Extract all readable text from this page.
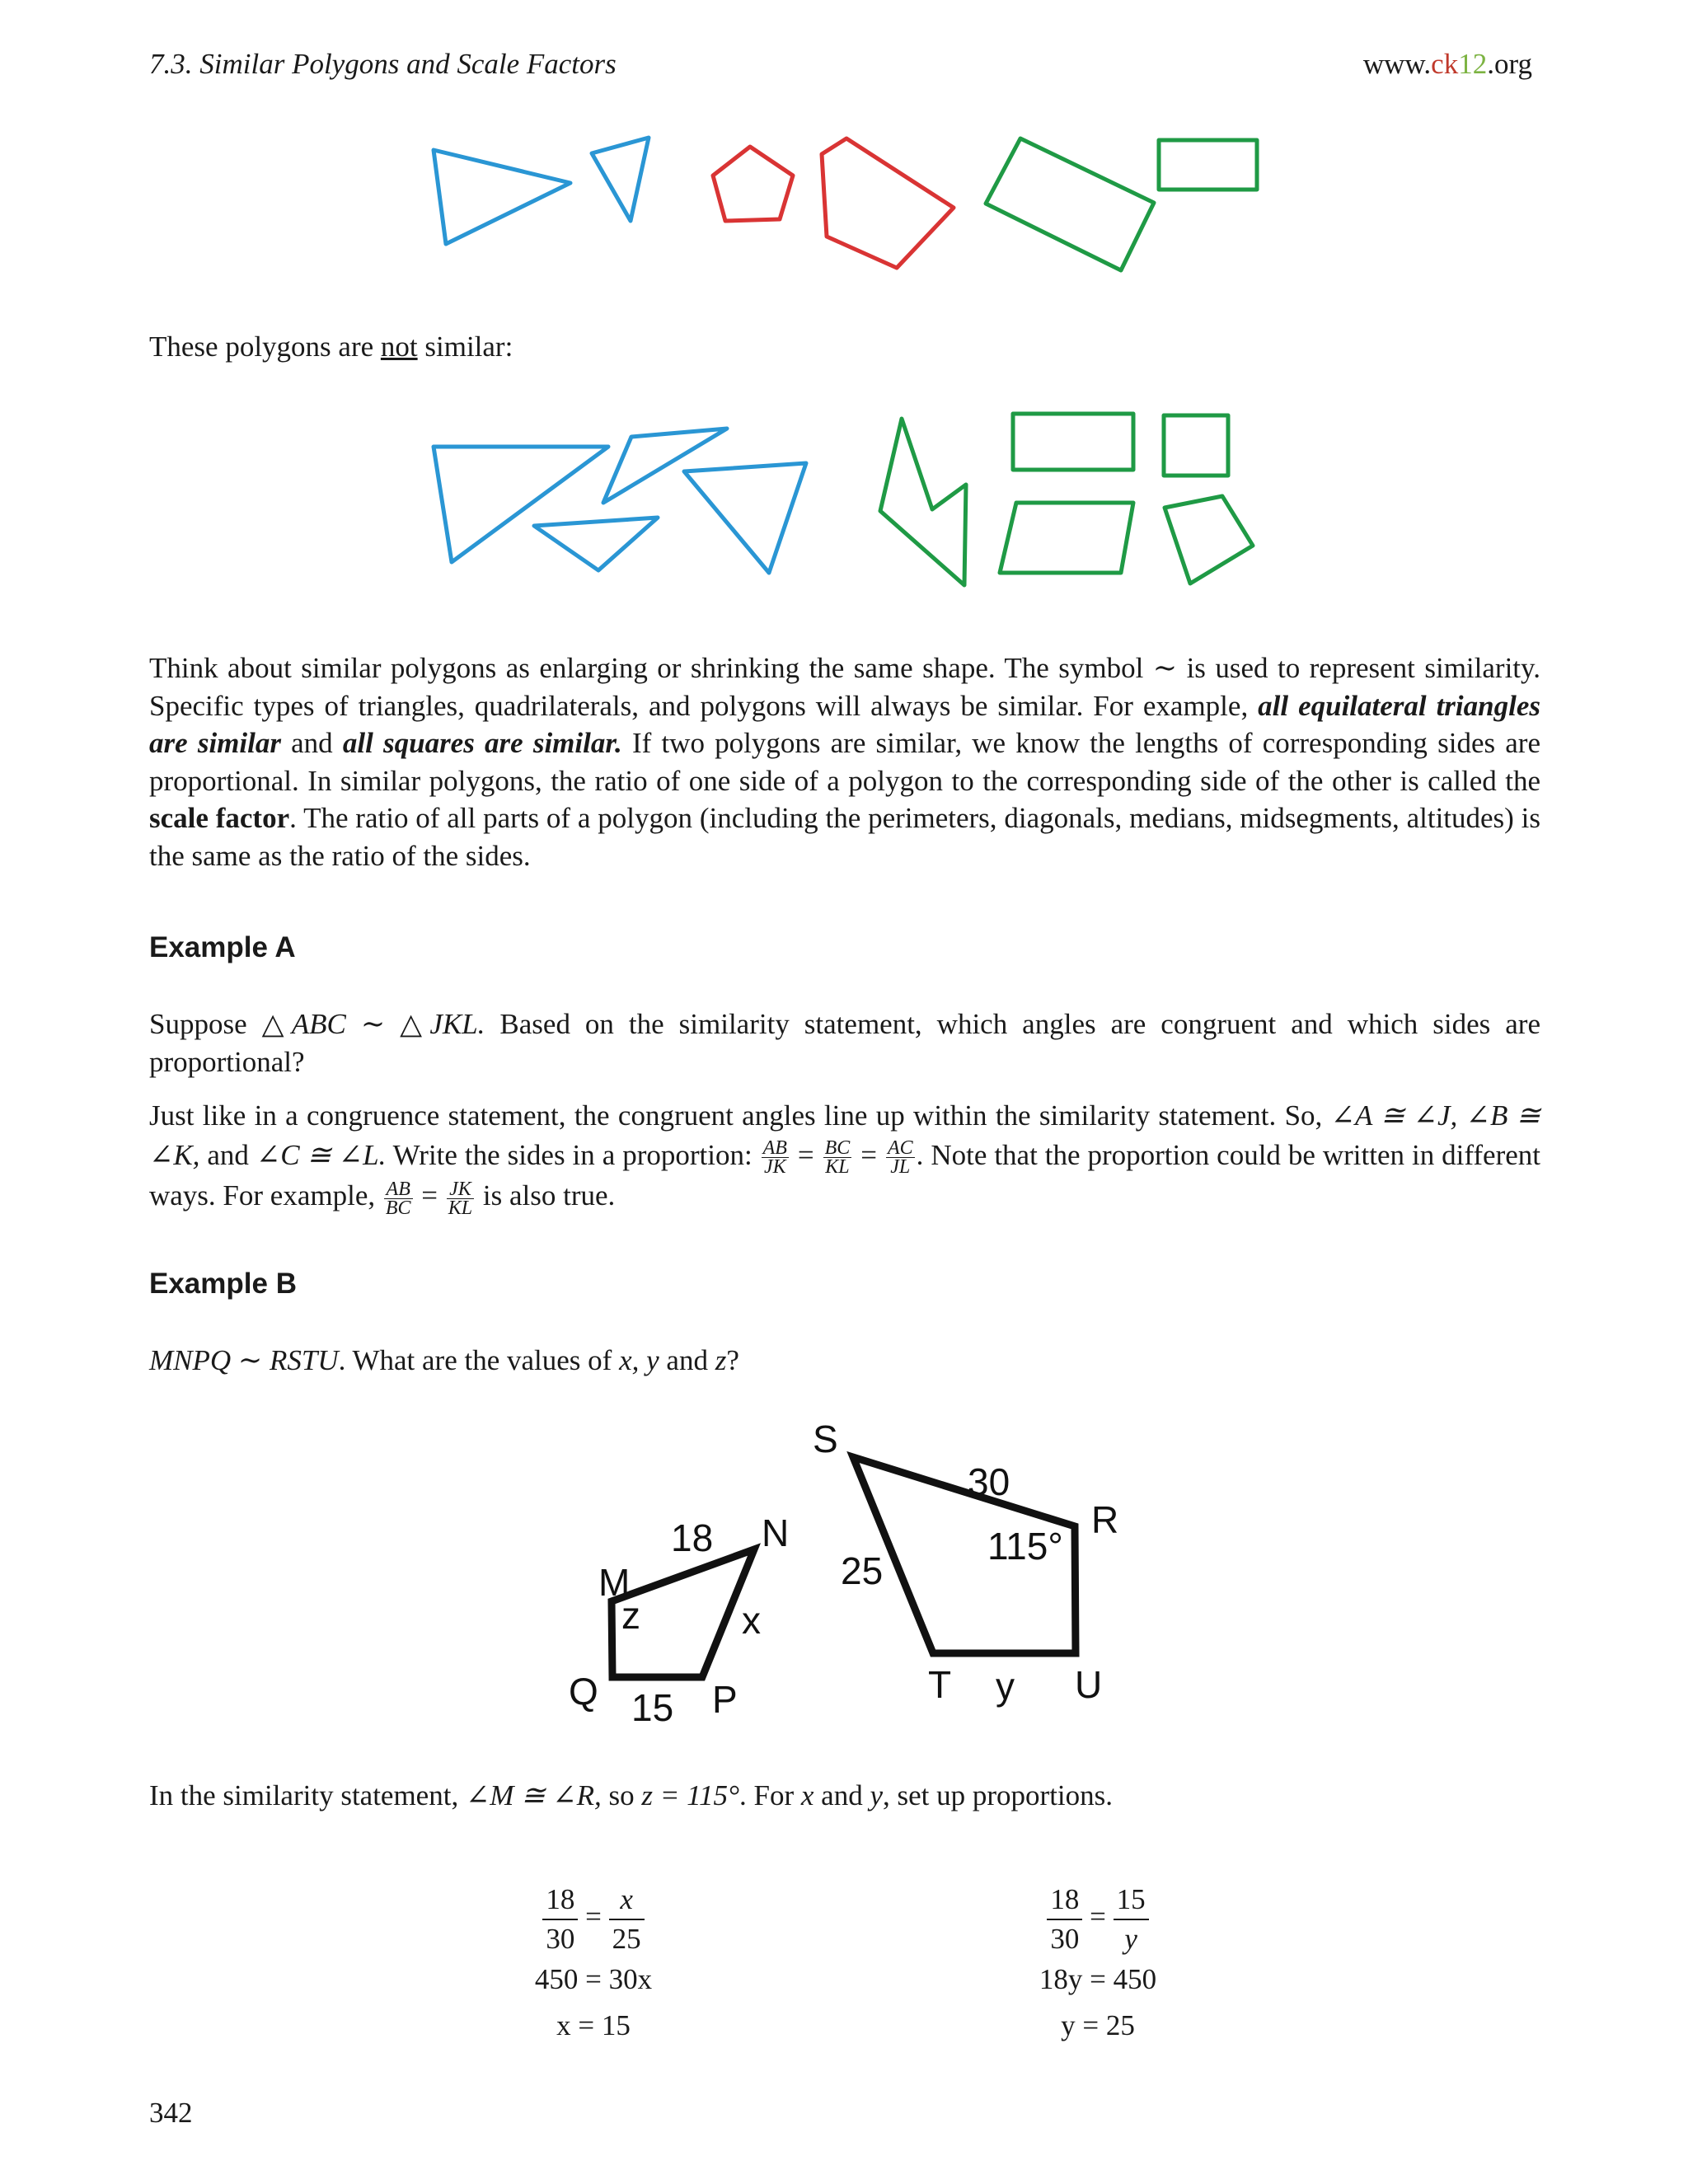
7.3. Similar Polygons and Scale Factors	www.ck12.org
These polygons are not similar:
Think about similar polygons as enlarging or shrinking the same shape. The symbol ∼ is used to represent similarity. Specific types of triangles, quadrilaterals, and polygons will always be similar. For example, all equilateral triangles are similar and all squares are similar. If two polygons are similar, we know the lengths of corresponding sides are proportional. In similar polygons, the ratio of one side of a polygon to the corresponding side of the other is called the scale factor. The ratio of all parts of a polygon (including the perimeters, diagonals, medians, midsegments, altitudes) is the same as the ratio of the sides.
Example A
Suppose △ABC ∼ △JKL. Based on the similarity statement, which angles are congruent and which sides are proportional?
Just like in a congruence statement, the congruent angles line up within the similarity statement. So, ∠A ≅ ∠J, ∠B ≅ ∠K, and ∠C ≅ ∠L. Write the sides in a proportion: $\frac{AB}{JK} = \frac{BC}{KL} = \frac{AC}{JL}$ . Note that the proportion could be written in different ways. For example, $\frac{AB}{BC} = \frac{JK}{KL}$ is also true.
Example B
MNPQ ∼ RSTU. What are the values of x, y and z?
M
N
P
Q
S
R
T	U
18
15
x
z
30
25
115°
y
In the similarity statement, ∠M ≅ ∠R, so z = 115°. For x and y, set up proportions.
$\frac{18}{30} = \frac{x}{25}$
450 = 30x
x = 15
$\frac{18}{30} = \frac{15}{y}$
18y = 450
y = 25
342
